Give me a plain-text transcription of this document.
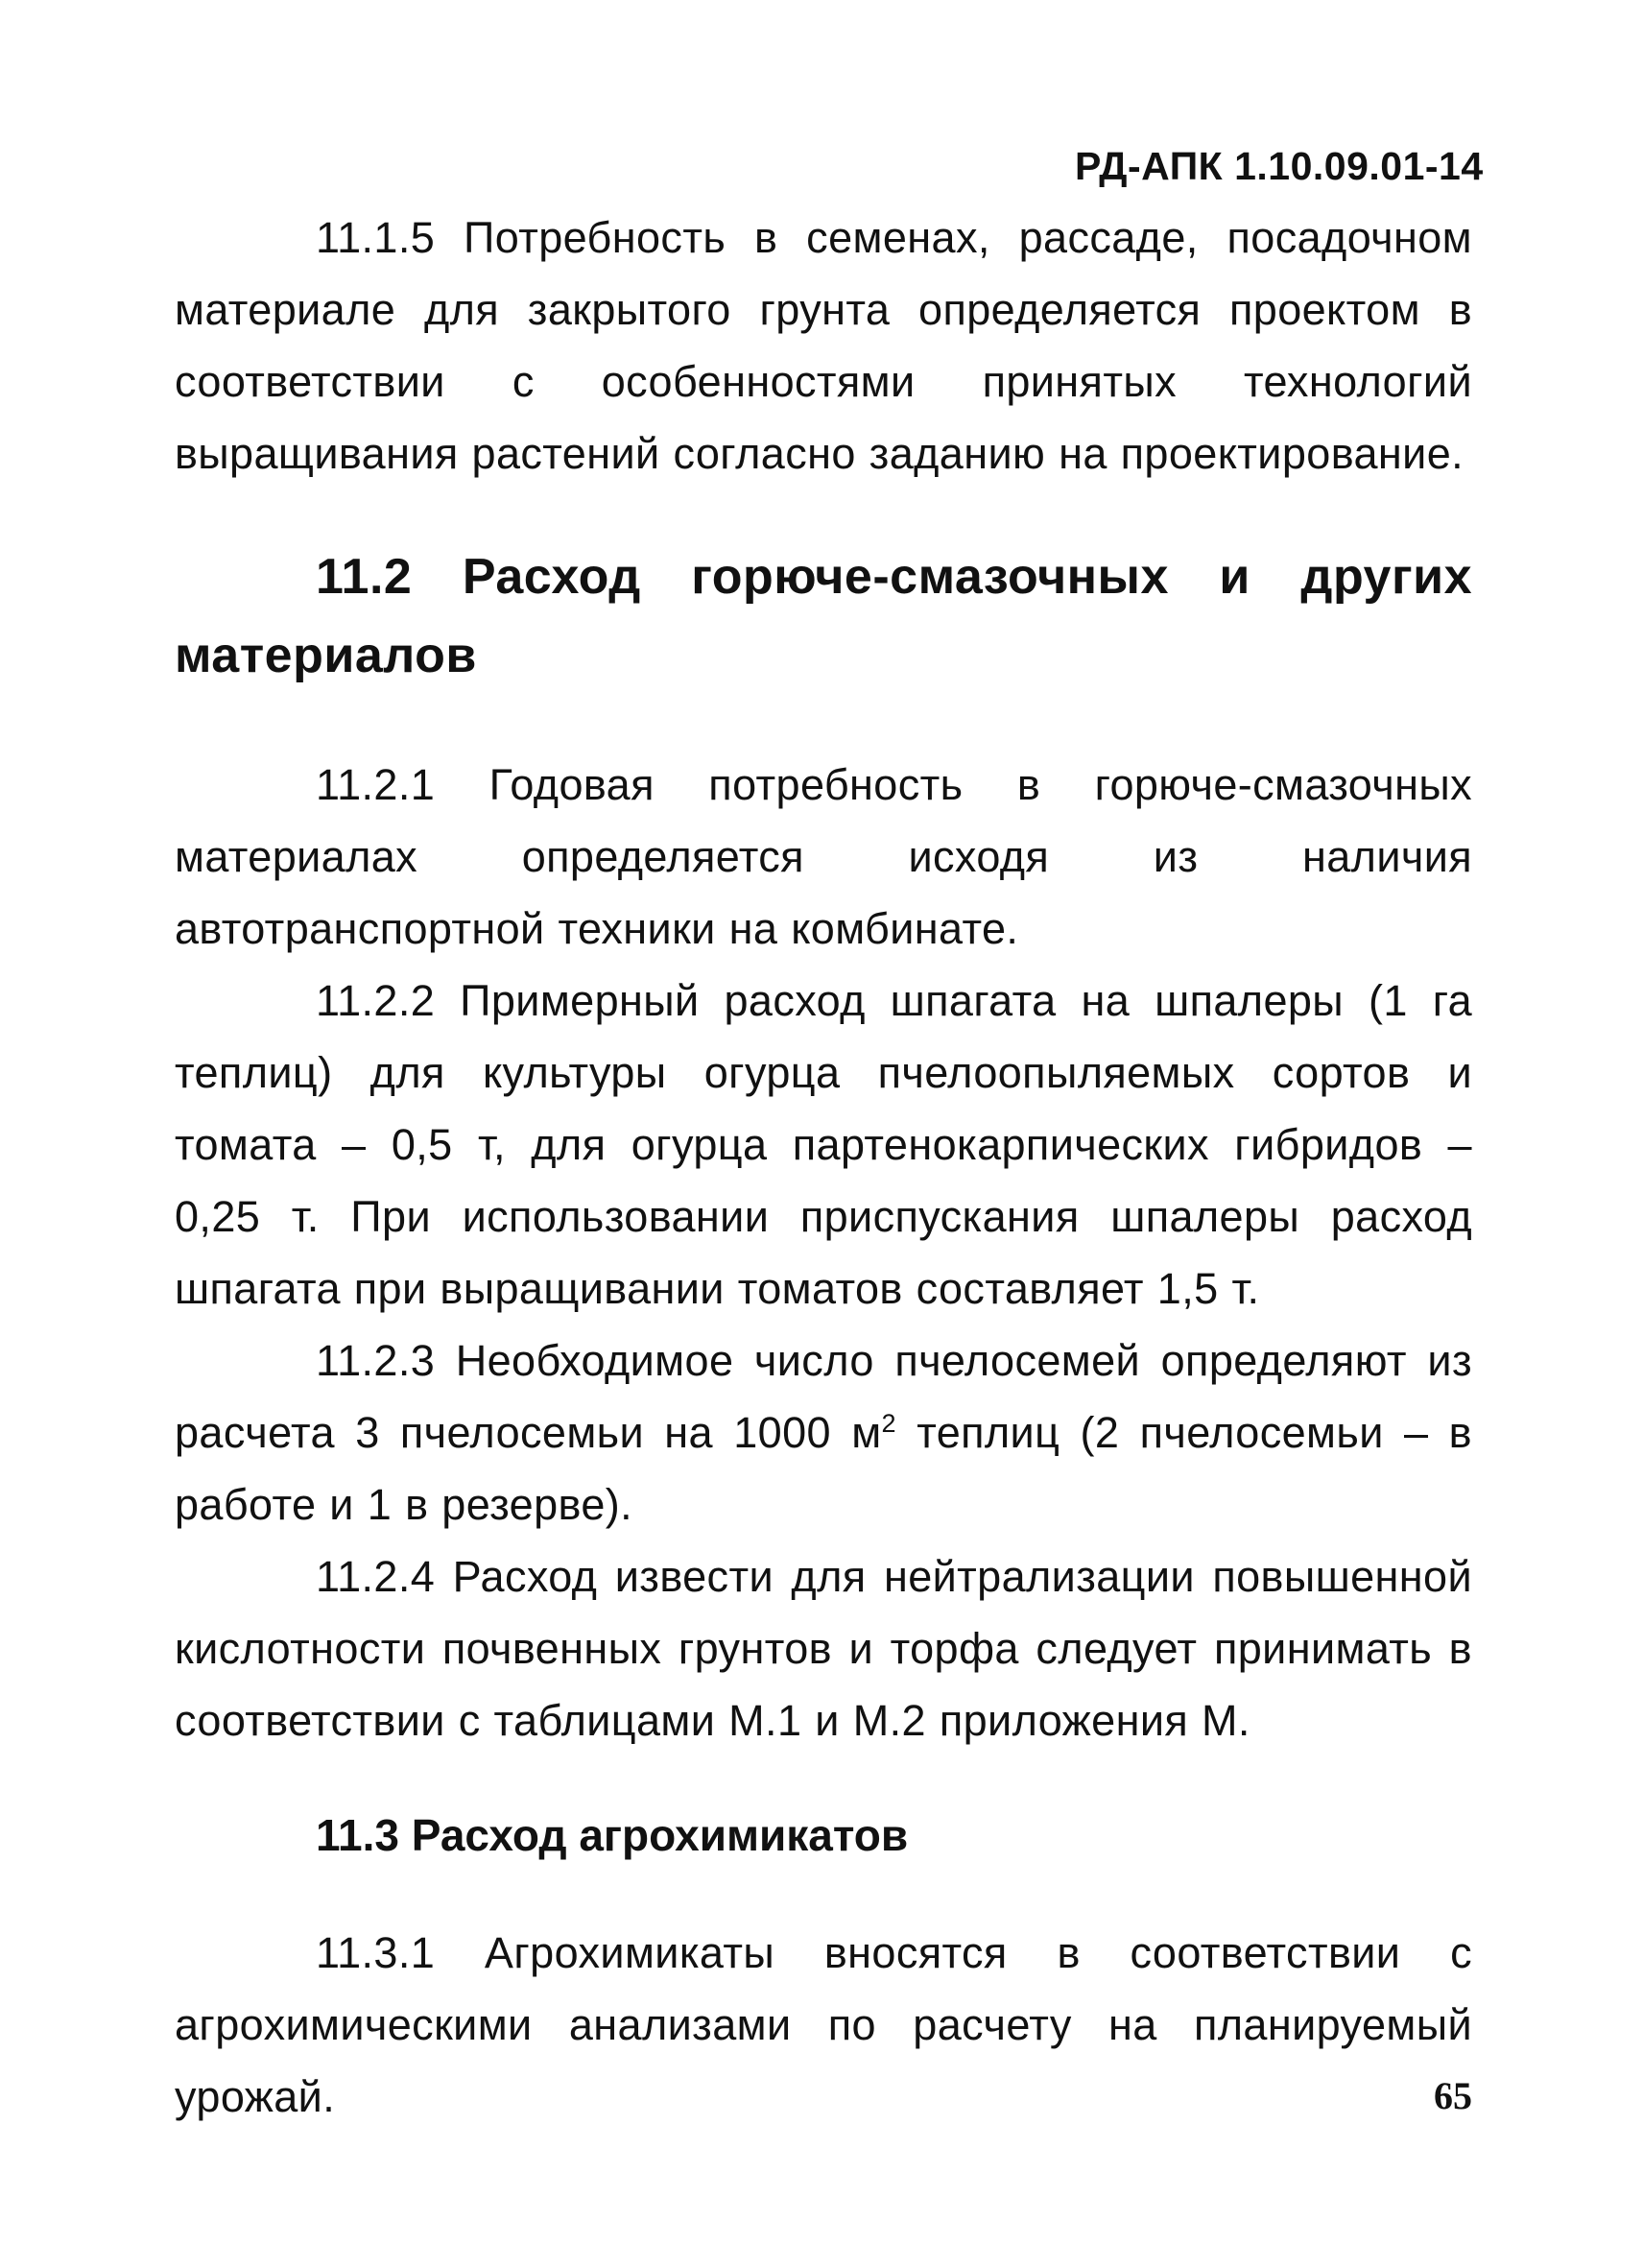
РД-АПК 1.10.09.01-14

11.1.5 Потребность в семенах, рассаде, посадочном материале для закрытого грунта определяется проектом в соответствии с особенностями принятых технологий выращивания растений согласно заданию на проектирование.

11.2 Расход горюче-смазочных и других материалов

11.2.1 Годовая потребность в горюче-смазочных материалах определяется исходя из наличия автотранспортной техники на комбинате.

11.2.2 Примерный расход шпагата на шпалеры (1 га теплиц) для культуры огурца пчелоопыляемых сортов и томата – 0,5 т, для огурца партенокарпических гибридов – 0,25 т. При использовании приспускания шпалеры расход шпагата при выращивании томатов составляет 1,5 т.

11.2.3 Необходимое число пчелосемей определяют из расчета 3 пчелосемьи на 1000 $м^2$ теплиц (2 пчелосемьи – в работе и 1 в резерве).

11.2.4 Расход извести для нейтрализации повышенной кислотности почвенных грунтов и торфа следует принимать в соответствии с таблицами М.1 и М.2 приложения М.

11.3 Расход агрохимикатов

11.3.1 Агрохимикаты вносятся в соответствии с агрохимическими анализами по расчету на планируемый урожай.	65
